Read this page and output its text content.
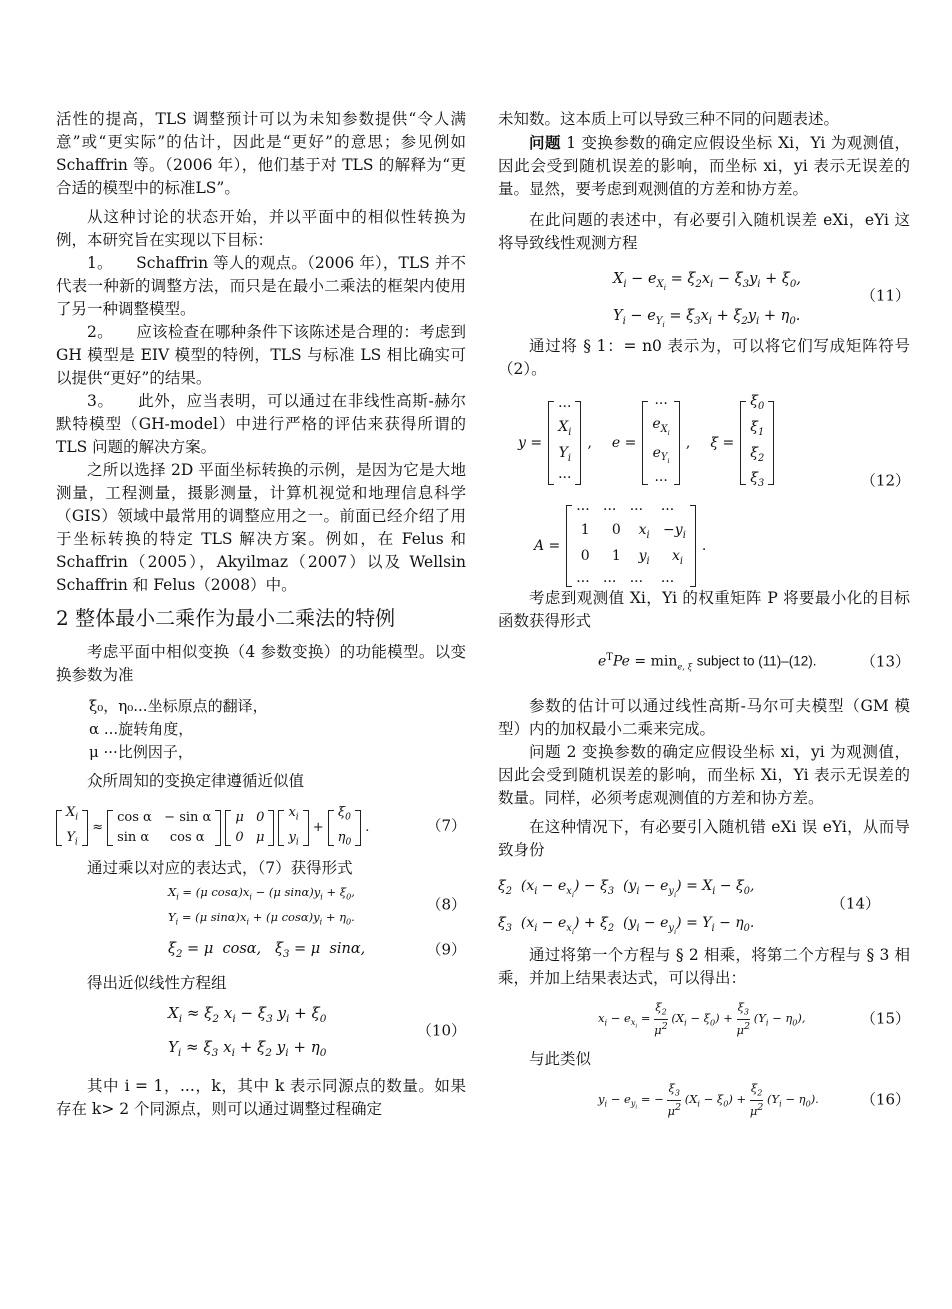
活性的提高，TLS 调整预计可以为未知参数提供“令人满意”或“更实际”的估计，因此是“更好”的意思；参见例如 Schaffrin 等。（2006 年），他们基于对 TLS 的解释为“更合适的模型中的标准LS”。

从这种讨论的状态开始，并以平面中的相似性转换为例，本研究旨在实现以下目标：

1。　　Schaffrin 等人的观点。（2006 年），TLS 并不代表一种新的调整方法，而只是在最小二乘法的框架内使用了另一种调整模型。

2。　　应该检查在哪种条件下该陈述是合理的：考虑到 GH 模型是 EIV 模型的特例，TLS 与标准 LS 相比确实可以提供“更好”的结果。

3。　　此外，应当表明，可以通过在非线性高斯-赫尔默特模型（GH-model）中进行严格的评估来获得所谓的 TLS 问题的解决方案。

之所以选择 2D 平面坐标转换的示例，是因为它是大地测量，工程测量，摄影测量，计算机视觉和地理信息科学（GIS）领域中最常用的调整应用之一。前面已经介绍了用于坐标转换的特定 TLS 解决方案。例如，在 Felus 和 Schaffrin（2005），Akyilmaz（2007）以及 Wellsin Schaffrin 和 Felus（2008）中。

2 整体最小二乘作为最小二乘法的特例

考虑平面中相似变换（4 参数变换）的功能模型。以变　　换参数为准

ξ₀，η₀...坐标原点的翻译，

α ...旋转角度，

μ ···比例因子，

众所周知的变换定律遵循近似值

$X_i$
$Y_i$
≈
cos α   − sin α
sin α     cos α
μ   0
0   μ
$x_i$
$y_i$
+
$\xi_0$
$\eta_0$
.	（7）

通过乘以对应的表达式，（7）获得形式

$X_i = (\mu$ $\cos\alpha)x_i - (\mu$ $\sin\alpha)y_i + \xi_0$,
$Y_i = (\mu$ $\sin\alpha)x_i + (\mu$ $\cos\alpha)y_i + \eta_0$.
（8）
$\xi_2 = \mu$  cosα,   $\xi_3 = \mu$  sinα,	（9）

得出近似线性方程组

$X_i \approx \xi_2$ $x_i - \xi_3$ $y_i + \xi_0$
$Y_i \approx \xi_3$ $x_i + \xi_2$ $y_i + \eta_0$
（10）

其中 i = 1，...，k，其中 k 表示同源点的数量。如果存在 k> 2 个同源点，则可以通过调整过程确定

未知数。这本质上可以导致三种不同的问题表述。

问题 1 变换参数的确定应假设坐标 Xi，Yi 为观测值，因此会受到随机误差的影响，而坐标 xi，yi 表示无误差的量。显然，要考虑到观测值的方差和协方差。

在此问题的表述中，有必要引入随机误差 eXi，eYi 这将导致线性观测方程

$X_i - e_{X_i} = \xi_2x_i - \xi_3y_i + \xi_0$,
$Y_i - e_{Y_i} = \xi_3x_i + \xi_2y_i + \eta_0$.
（11）

通过将 § 1：= n0 表示为，可以将它们写成矩阵符号（2）。

y =
···
$X_i$
$Y_i$
···
, e =
···
$e_{X_i}$
$e_{Y_i}$
···
, ξ =
$\xi_0$
$\xi_1$
$\xi_2$
$\xi_3$
A =
···   ···   ···    ···
1     0    $x_i -y_i$
0     1    $y_i$ $x_i$
···   ···   ···    ···
.
（12）

考虑到观测值 Xi，Yi 的权重矩阵 P 将要最小化的目标函数获得形式

$e^TPe = \min_{e, \xi}$ subject to (11)–(12).	（13）

参数的估计可以通过线性高斯-马尔可夫模型（GM 模型）内的加权最小二乘来完成。

问题 2 变换参数的确定应假设坐标 xi，yi 为观测值，因此会受到随机误差的影响，而坐标 Xi，Yi 表示无误差的数量。同样，必须考虑观测值的方差和协方差。

在这种情况下，有必要引入随机错 eXi 误 eYi，从而导致身份

$\xi_2$  $(x_i - e_{x_i}) - \xi_3$  $(y_i - e_{y_i}) = X_i - \xi_0$,
$\xi_3$  $(x_i - e_{x_i}) + \xi_2$  $(y_i - e_{y_i}) = Y_i - \eta_0$.
（14）

通过将第一个方程与 § 2 相乘，将第二个方程与 § 3 相乘，并加上结果表达式，可以得出：

$x_i - e_{x_i}$ =
$\xi_2$
$\mu^2$ $(X_i - \xi_0)$ +
$\xi_3$
$\mu^2$ $(Y_i - \eta_0)$,	（15）

与此类似

$y_i - e_{y_i}$ = −
$\xi_3$
$\mu^2$ $(X_i - \xi_0)$ +
$\xi_2$
$\mu^2$ $(Y_i - \eta_0)$.	（16）
